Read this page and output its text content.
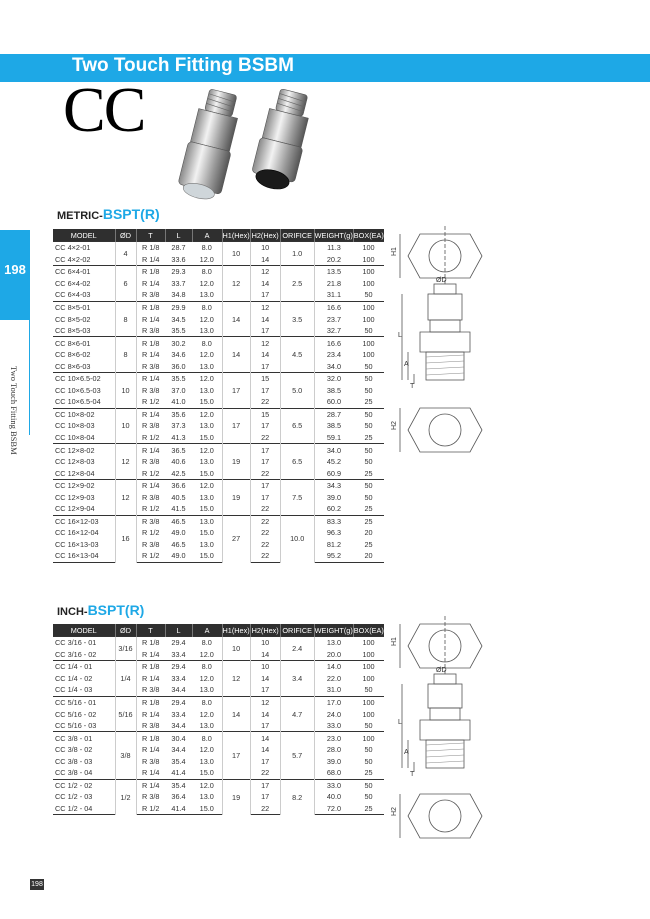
Two Touch Fitting BSBM
CC
198
Two Touch Fitting BSBM
METRIC-BSPT(R)
MODEL	ØD	T	L	A	H1(Hex)	H2(Hex)	ORIFICE	WEIGHT(g)	BOX(EA)
CC 4×2-01	4	R 1/8	28.7	8.0	10	10	1.0	11.3	100
CC 4×2-02		R 1/4	33.6	12.0		14		20.2	100
CC 6×4-01	6	R 1/8	29.3	8.0	12	12	2.5	13.5	100
CC 6×4-02		R 1/4	33.7	12.0		14		21.8	100
CC 6×4-03		R 3/8	34.8	13.0		17		31.1	50
CC 8×5-01	8	R 1/8	29.9	8.0	14	12	3.5	16.6	100
CC 8×5-02		R 1/4	34.5	12.0		14		23.7	100
CC 8×5-03		R 3/8	35.5	13.0		17		32.7	50
CC 8×6-01	8	R 1/8	30.2	8.0	14	12	4.5	16.6	100
CC 8×6-02		R 1/4	34.6	12.0		14		23.4	100
CC 8×6-03		R 3/8	36.0	13.0		17		34.0	50
CC 10×6.5-02	10	R 1/4	35.5	12.0	17	15	5.0	32.0	50
CC 10×6.5-03		R 3/8	37.0	13.0		17		38.5	50
CC 10×6.5-04		R 1/2	41.0	15.0		22		60.0	25
CC 10×8-02	10	R 1/4	35.6	12.0	17	15	6.5	28.7	50
CC 10×8-03		R 3/8	37.3	13.0		17		38.5	50
CC 10×8-04		R 1/2	41.3	15.0		22		59.1	25
CC 12×8-02	12	R 1/4	36.5	12.0	19	17	6.5	34.0	50
CC 12×8-03		R 3/8	40.6	13.0		17		45.2	50
CC 12×8-04		R 1/2	42.5	15.0		22		60.9	25
CC 12×9-02	12	R 1/4	36.6	12.0	19	17	7.5	34.3	50
CC 12×9-03		R 3/8	40.5	13.0		17		39.0	50
CC 12×9-04		R 1/2	41.5	15.0		22		60.2	25
CC 16×12-03	16	R 3/8	46.5	13.0	27	22	10.0	83.3	25
CC 16×12-04		R 1/2	49.0	15.0		22		96.3	20
CC 16×13-03		R 3/8	46.5	13.0		22		81.2	25
CC 16×13-04		R 1/2	49.0	15.0		22		95.2	20
INCH-BSPT(R)
MODEL	ØD	T	L	A	H1(Hex)	H2(Hex)	ORIFICE	WEIGHT(g)	BOX(EA)
CC 3/16 - 01	3/16	R 1/8	29.4	8.0	10	10	2.4	13.0	100
CC 3/16 - 02		R 1/4	33.4	12.0		14		20.0	100
CC 1/4 - 01	1/4	R 1/8	29.4	8.0	12	10	3.4	14.0	100
CC 1/4 - 02		R 1/4	33.4	12.0		14		22.0	100
CC 1/4 - 03		R 3/8	34.4	13.0		17		31.0	50
CC 5/16 - 01	5/16	R 1/8	29.4	8.0	14	12	4.7	17.0	100
CC 5/16 - 02		R 1/4	33.4	12.0		14		24.0	100
CC 5/16 - 03		R 3/8	34.4	13.0		17		33.0	50
CC 3/8 - 01	3/8	R 1/8	30.4	8.0	17	14	5.7	23.0	100
CC 3/8 - 02		R 1/4	34.4	12.0		14		28.0	50
CC 3/8 - 03		R 3/8	35.4	13.0		17		39.0	50
CC 3/8 - 04		R 1/4	41.4	15.0		22		68.0	25
CC 1/2 - 02	1/2	R 1/4	35.4	12.0	19	17	8.2	33.0	50
CC 1/2 - 03		R 3/8	36.4	13.0		17		40.0	50
CC 1/2 - 04		R 1/2	41.4	15.0		22		72.0	25
H1
ØD
L
A
T
H2
H1
ØD
L
A
T
H2
198
